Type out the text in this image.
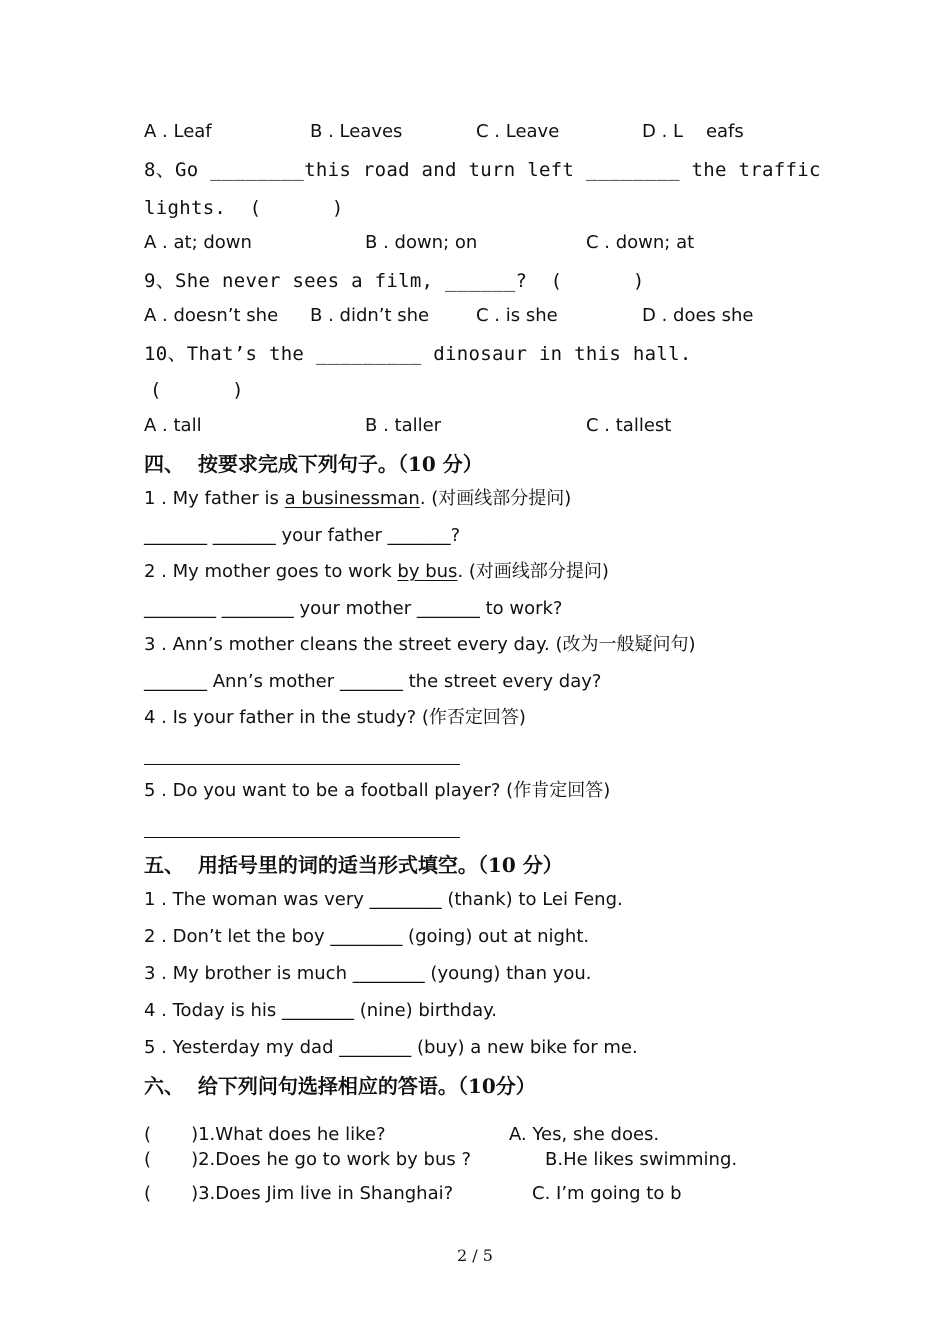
A . Leaf	B . Leaves	C . Leave	D . L    eafs
8、Go ________this road and turn left ________ the traffic
lights.  (      )
A . at; down	B . down; on	C . down; at
9、She never sees a film, ______?  (      )
A . doesn’t she B . didn’t she	C . is she	D . does she
10、That’s the _________ dinosaur in this hall.
(      )
A . tall	B . taller	C . tallest
四、  按要求完成下列句子。（10 分）
1 . My father is a businessman. (对画线部分提问)
_______ _______ your father _______?
2 . My mother goes to work by bus. (对画线部分提问)
________ ________ your mother _______ to work?
3 . Ann’s mother cleans the street every day. (改为一般疑问句)
_______ Ann’s mother _______ the street every day?
4 . Is your father in the study? (作否定回答)
5 . Do you want to be a football player? (作肯定回答)
五、  用括号里的词的适当形式填空。（10 分）
1 . The woman was very ________ (thank) to Lei Feng.
2 . Don’t let the boy ________ (going) out at night.
3 . My brother is much ________ (young) than you.
4 . Today is his ________ (nine) birthday.
5 . Yesterday my dad ________ (buy) a new bike for me.
六、  给下列问句选择相应的答语。（10分）
(       )1.What does he like?	A. Yes, she does.
(       )2.Does he go to work by bus ?	B.He likes swimming.
(       )3.Does Jim live in Shanghai?	C. I’m going to b
2 / 5
